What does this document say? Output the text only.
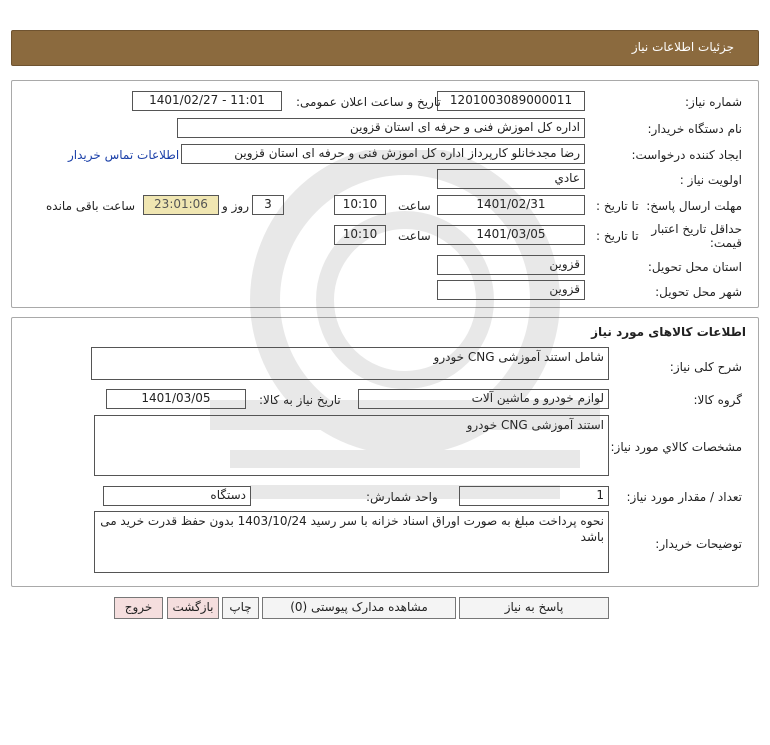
جزئیات اطلاعات نیاز
شماره نیاز:
1201003089000011
تاریخ و ساعت اعلان عمومی:
1401/02/27 - 11:01
نام دستگاه خریدار:
اداره کل اموزش فنی و حرفه ای استان قزوین
ایجاد کننده درخواست:
رضا مجدخانلو کارپرداز اداره کل اموزش فنی و حرفه ای استان قزوین
اطلاعات تماس خریدار
اولویت نیاز :
عادي
مهلت ارسال پاسخ:
تا تاریخ :
1401/02/31
ساعت
10:10
3
روز و
23:01:06
ساعت باقی مانده
حداقل تاریخ اعتبار
قیمت:
تا تاریخ :
1401/03/05
ساعت
10:10
استان محل تحویل:
قزوین
شهر محل تحویل:
قزوین
اطلاعات کالاهای مورد نیاز
شرح کلی نیاز:
شامل استند آموزشی CNG خودرو
گروه کالا:
لوازم خودرو و ماشین آلات
تاریخ نیاز به کالا:
1401/03/05
مشخصات کالاي مورد نیاز:
استند آموزشی CNG خودرو
تعداد / مقدار مورد نیاز:
1
واحد شمارش:
دستگاه
توضیحات خریدار:
نحوه پرداخت مبلغ به صورت اوراق اسناد خزانه با سر رسید 1403/10/24 بدون حفظ قدرت خرید می باشد
پاسخ به نیاز
مشاهده مدارک پیوستی (0)
چاپ
بازگشت
خروج
